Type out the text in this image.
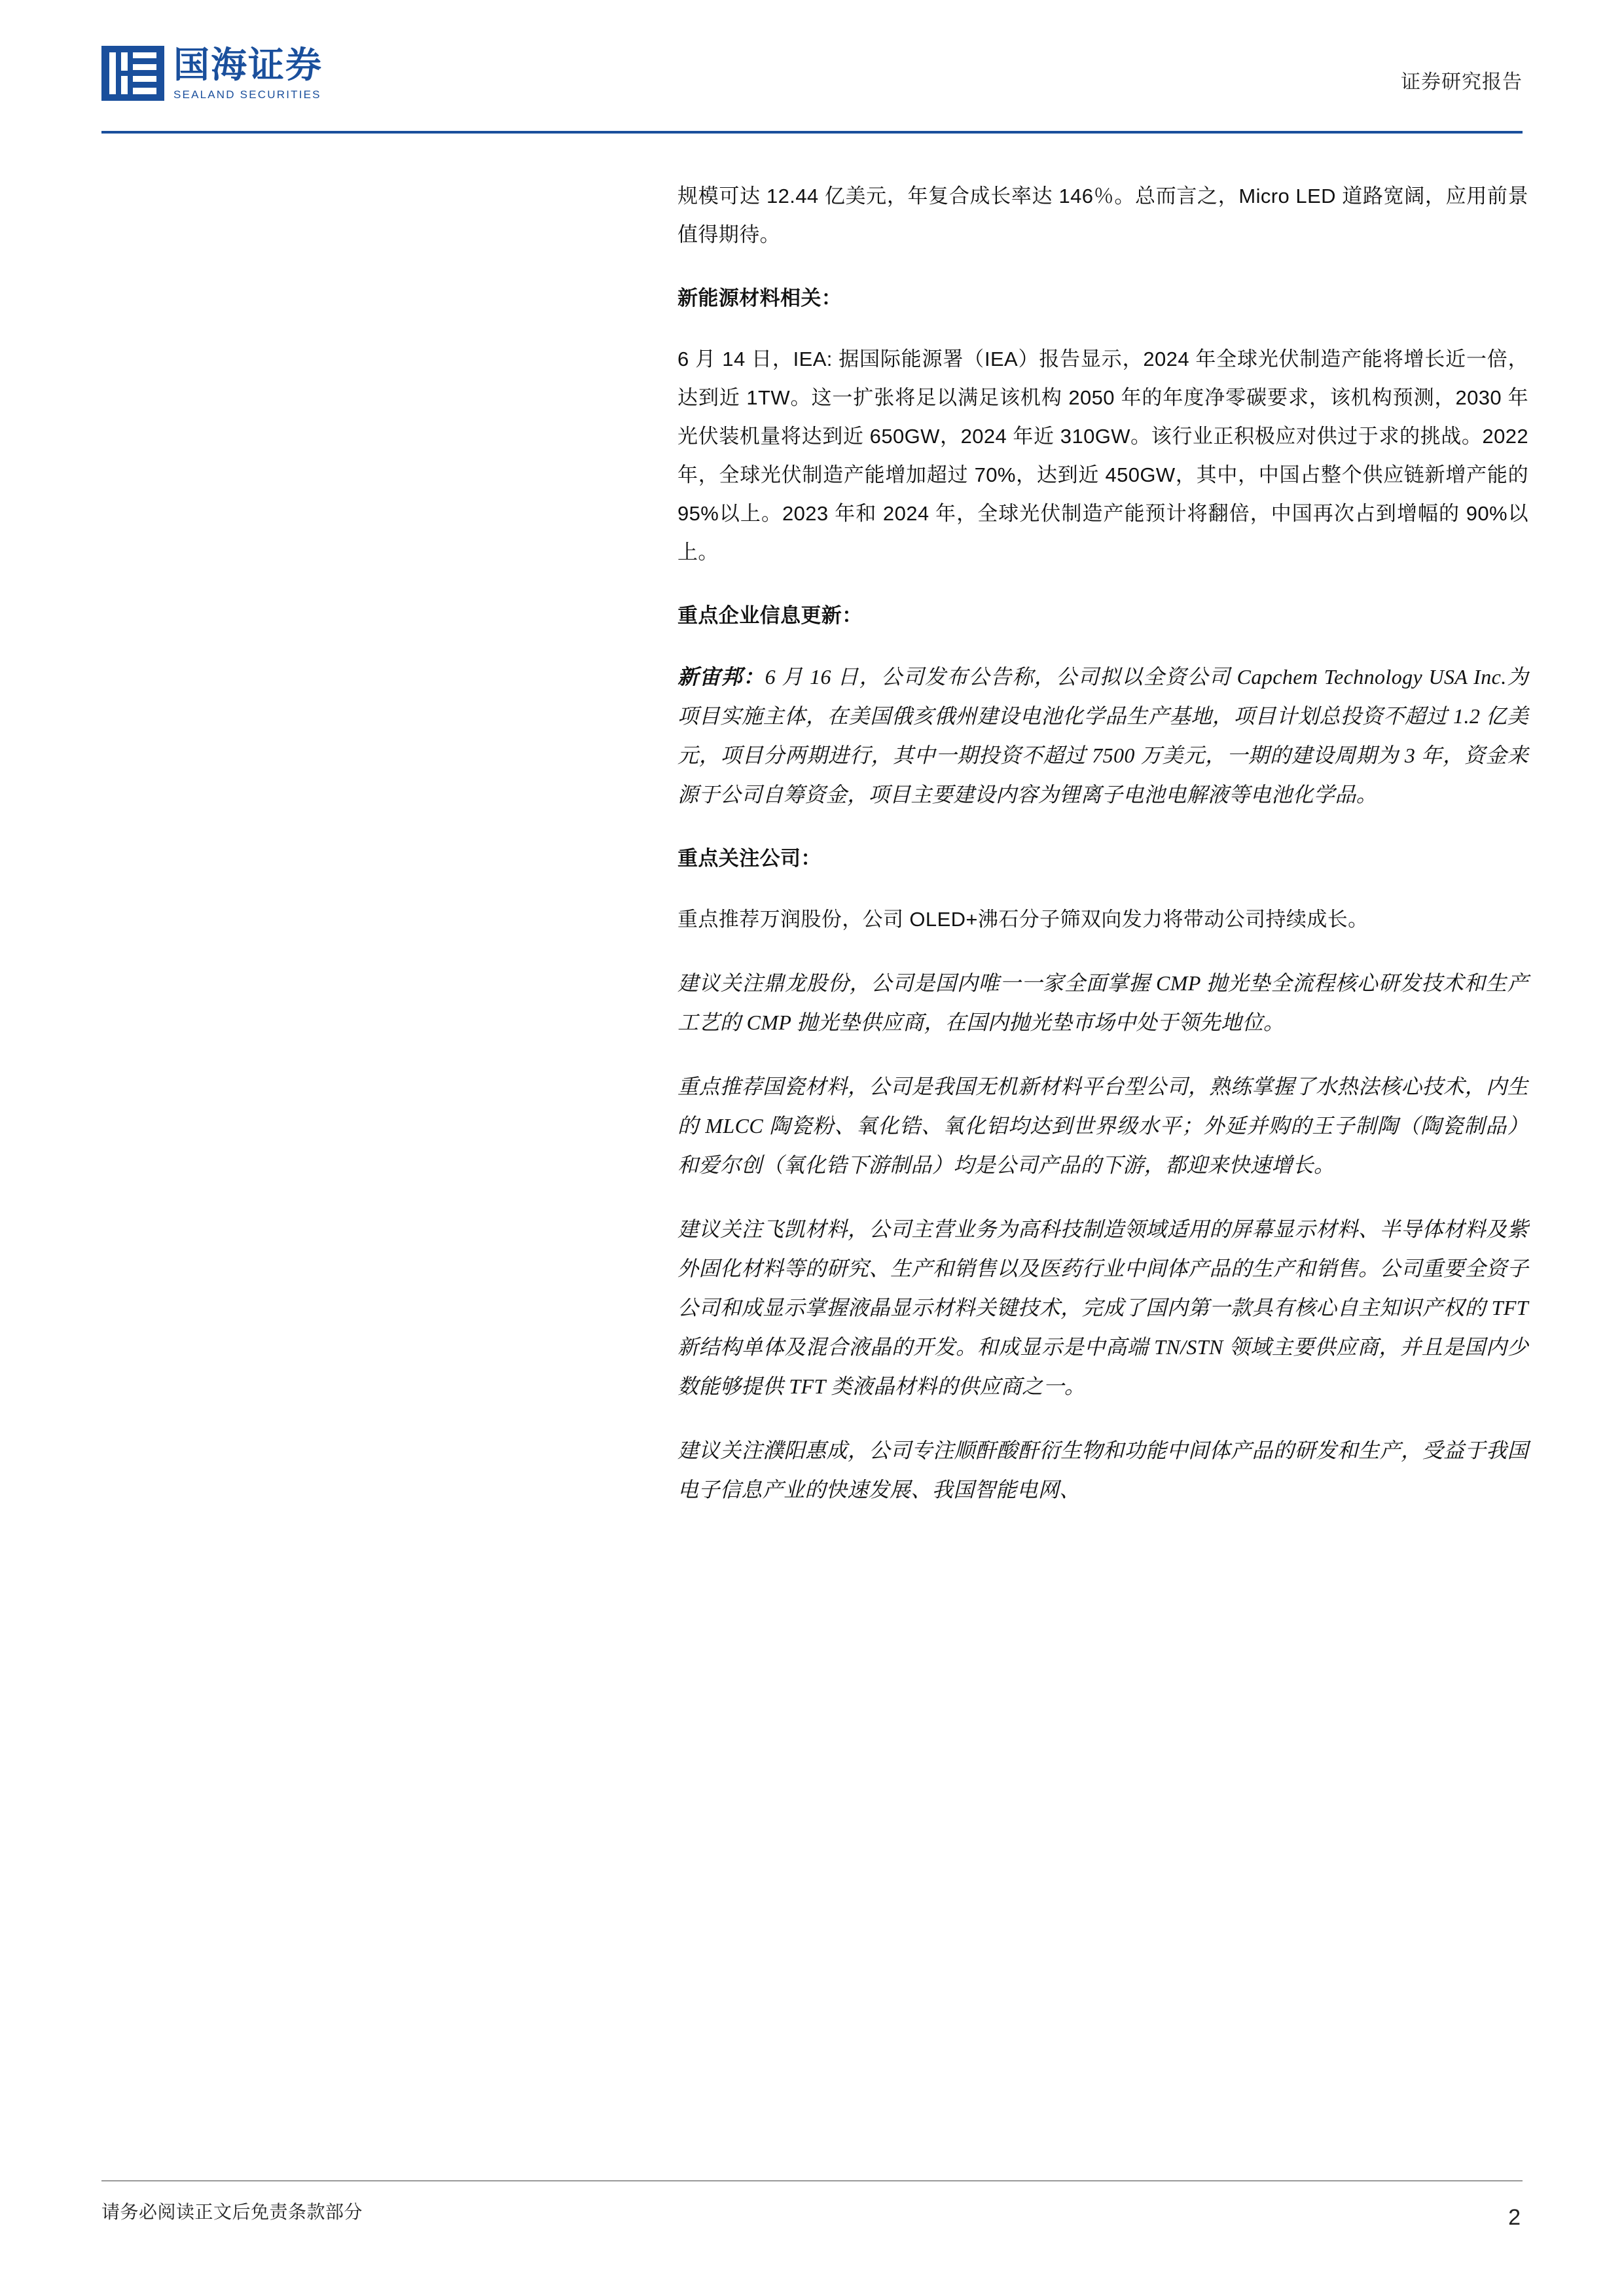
国海证券
SEALAND SECURITIES
证券研究报告

规模可达 12.44 亿美元，年复合成长率达 146％。总而言之，Micro LED 道路宽阔，应用前景值得期待。

新能源材料相关：

6 月 14 日，IEA: 据国际能源署（IEA）报告显示，2024 年全球光伏制造产能将增长近一倍，达到近 1TW。这一扩张将足以满足该机构 2050 年的年度净零碳要求，该机构预测，2030 年光伏装机量将达到近 650GW，2024 年近 310GW。该行业正积极应对供过于求的挑战。2022 年，全球光伏制造产能增加超过 70%，达到近 450GW，其中，中国占整个供应链新增产能的 95%以上。2023 年和 2024 年，全球光伏制造产能预计将翻倍，中国再次占到增幅的 90%以上。

重点企业信息更新：

新宙邦：6 月 16 日，公司发布公告称，公司拟以全资公司 Capchem Technology USA Inc.为项目实施主体，在美国俄亥俄州建设电池化学品生产基地，项目计划总投资不超过 1.2 亿美元，项目分两期进行，其中一期投资不超过 7500 万美元，一期的建设周期为 3 年，资金来源于公司自筹资金，项目主要建设内容为锂离子电池电解液等电池化学品。

重点关注公司：

重点推荐万润股份，公司 OLED+沸石分子筛双向发力将带动公司持续成长。

建议关注鼎龙股份，公司是国内唯一一家全面掌握 CMP 抛光垫全流程核心研发技术和生产工艺的 CMP 抛光垫供应商，在国内抛光垫市场中处于领先地位。

重点推荐国瓷材料，公司是我国无机新材料平台型公司，熟练掌握了水热法核心技术，内生的 MLCC 陶瓷粉、氧化锆、氧化铝均达到世界级水平；外延并购的王子制陶（陶瓷制品）和爱尔创（氧化锆下游制品）均是公司产品的下游，都迎来快速增长。

建议关注飞凯材料，公司主营业务为高科技制造领域适用的屏幕显示材料、半导体材料及紫外固化材料等的研究、生产和销售以及医药行业中间体产品的生产和销售。公司重要全资子公司和成显示掌握液晶显示材料关键技术，完成了国内第一款具有核心自主知识产权的 TFT 新结构单体及混合液晶的开发。和成显示是中高端 TN/STN 领域主要供应商，并且是国内少数能够提供 TFT 类液晶材料的供应商之一。

建议关注濮阳惠成，公司专注顺酐酸酐衍生物和功能中间体产品的研发和生产，受益于我国电子信息产业的快速发展、我国智能电网、

请务必阅读正文后免责条款部分	2
